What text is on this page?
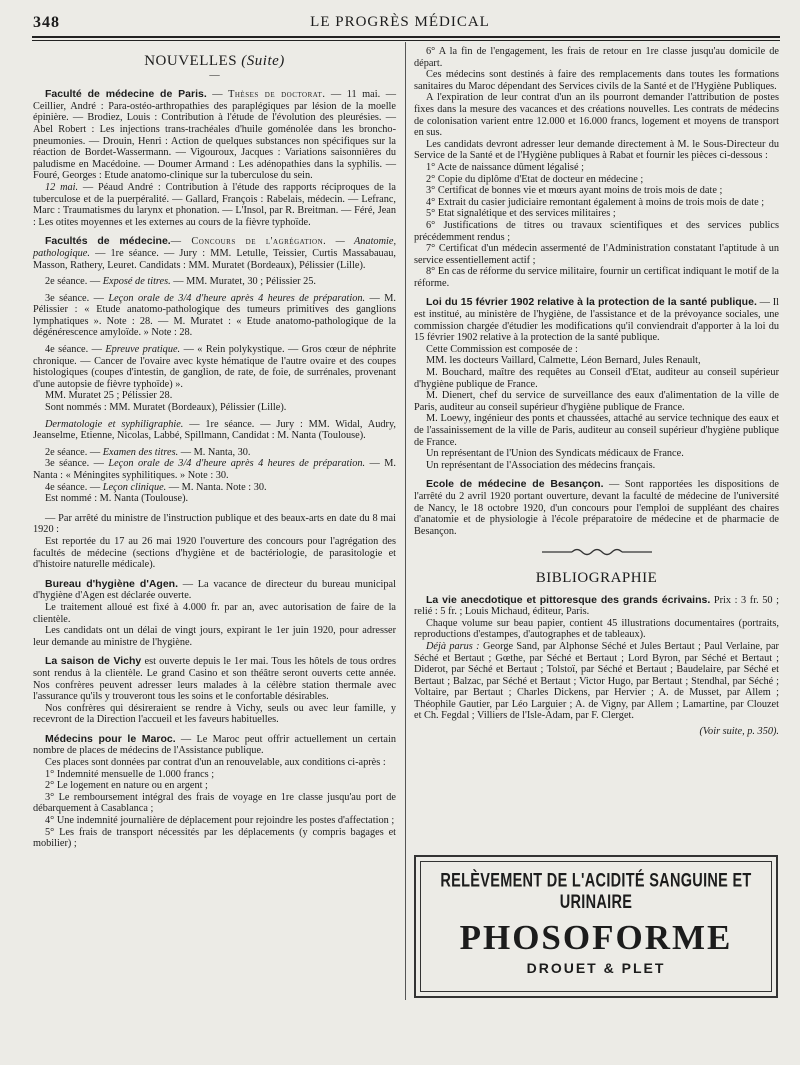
348	LE PROGRÈS MÉDICAL

NOUVELLES (Suite)

—

Faculté de médecine de Paris. — Thèses de doctorat. — 11 mai. — Ceillier, André : Para-ostéo-arthropathies des paraplégiques par lésion de la moelle épinière. — Brodiez, Louis : Contribution à l'étude de l'évolution des pleurésies. — Abel Robert : Les injections trans-trachéales d'huile goménolée dans les broncho-pneumonies. — Drouin, Henri : Action de quelques substances non spécifiques sur la réaction de Bordet-Wassermann. — Vigouroux, Jacques : Variations saisonnières du paludisme en Macédoine. — Doumer Armand : Les adénopathies dans la syphilis. — Fouré, Georges : Etude anatomo-clinique sur la tuberculose du sein.

12 mai. — Péaud André : Contribution à l'étude des rapports réciproques de la tuberculose et de la puerpéralité. — Gallard, François : Rabelais, médecin. — Lefranc, Marc : Traumatismes du larynx et phonation. — L'Insol, par R. Breitman. — Féré, Jean : Les otites moyennes et les externes au cours de la fièvre typhoïde.

Facultés de médecine.— Concours de l'agrégation. — Anatomie, pathologique. — 1re séance. — Jury : MM. Letulle, Teissier, Curtis Massabauau, Masson, Rathery, Leuret. Candidats : MM. Muratet (Bordeaux), Pélissier (Lille).

2e séance. — Exposé de titres. — MM. Muratet, 30 ; Pélissier 25.

3e séance. — Leçon orale de 3/4 d'heure après 4 heures de préparation. — M. Pélissier : « Etude anatomo-pathologique des tumeurs primitives des ganglions lymphatiques ». Note : 28. — M. Muratet : « Etude anatomo-pathologique de la dégénérescence amyloïde. » Note : 28.

4e séance. — Epreuve pratique. — « Rein polykystique. — Gros cœur de néphrite chronique. — Cancer de l'ovaire avec kyste hématique de l'autre ovaire et des coupes histologiques (coupes d'intestin, de ganglion, de rate, de foie, de surrénales, provenant d'une autopsie de fièvre typhoïde) ».

MM. Muratet 25 ; Pélissier 28.

Sont nommés : MM. Muratet (Bordeaux), Pélissier (Lille).

Dermatologie et syphiligraphie. — 1re séance. — Jury : MM. Widal, Audry, Jeanselme, Etienne, Nicolas, Labbé, Spillmann, Candidat : M. Nanta (Toulouse).

2e séance. — Examen des titres. — M. Nanta, 30.

3e séance. — Leçon orale de 3/4 d'heure après 4 heures de préparation. — M. Nanta : « Méningites syphilitiques. » Note : 30.

4e séance. — Leçon clinique. — M. Nanta. Note : 30.

Est nommé : M. Nanta (Toulouse).

— Par arrêté du ministre de l'instruction publique et des beaux-arts en date du 8 mai 1920 :

Est reportée du 17 au 26 mai 1920 l'ouverture des concours pour l'agrégation des facultés de médecine (sections d'hygiène et de bactériologie, de parasitologie et d'histoire naturelle médicale).

Bureau d'hygiène d'Agen. — La vacance de directeur du bureau municipal d'hygiène d'Agen est déclarée ouverte.

Le traitement alloué est fixé à 4.000 fr. par an, avec autorisation de faire de la clientèle.

Les candidats ont un délai de vingt jours, expirant le 1er juin 1920, pour adresser leur demande au ministre de l'hygiène.

La saison de Vichy est ouverte depuis le 1er mai. Tous les hôtels de tous ordres sont rendus à la clientèle. Le grand Casino et son théâtre seront ouverts cette année. Nos confrères peuvent adresser leurs malades à la célèbre station thermale avec l'assurance qu'ils y trouveront tous les soins et le confortable désirables.

Nos confrères qui désireraient se rendre à Vichy, seuls ou avec leur famille, y recevront de la Direction l'accueil et les faveurs habituelles.

Médecins pour le Maroc. — Le Maroc peut offrir actuellement un certain nombre de places de médecins de l'Assistance publique.

Ces places sont données par contrat d'un an renouvelable, aux conditions ci-après :

1° Indemnité mensuelle de 1.000 francs ;

2° Le logement en nature ou en argent ;

3° Le remboursement intégral des frais de voyage en 1re classe jusqu'au port de débarquement à Casablanca ;

4° Une indemnité journalière de déplacement pour rejoindre les postes d'affectation ;

5° Les frais de transport nécessités par les déplacements (y compris bagages et mobilier) ;

6° A la fin de l'engagement, les frais de retour en 1re classe jusqu'au domicile de départ.

Ces médecins sont destinés à faire des remplacements dans toutes les formations sanitaires du Maroc dépendant des Services civils de la Santé et de l'Hygiène Publiques.

A l'expiration de leur contrat d'un an ils pourront demander l'attribution de postes fixes dans la mesure des vacances et des créations nouvelles. Les contrats de médecins de colonisation varient entre 12.000 et 16.000 francs, logement et moyens de transport en sus.

Les candidats devront adresser leur demande directement à M. le Sous-Directeur du Service de la Santé et de l'Hygiène publiques à Rabat et fournir les pièces ci-dessous :

1° Acte de naissance dûment légalisé ;

2° Copie du diplôme d'Etat de docteur en médecine ;

3° Certificat de bonnes vie et mœurs ayant moins de trois mois de date ;

4° Extrait du casier judiciaire remontant également à moins de trois mois de date ;

5° Etat signalétique et des services militaires ;

6° Justifications de titres ou travaux scientifiques et des services publics précédemment rendus ;

7° Certificat d'un médecin assermenté de l'Administration constatant l'aptitude à un service essentiellement actif ;

8° En cas de réforme du service militaire, fournir un certificat indiquant le motif de la réforme.

Loi du 15 février 1902 relative à la protection de la santé publique. — Il est institué, au ministère de l'hygiène, de l'assistance et de la prévoyance sociales, une commission chargée d'étudier les modifications qu'il conviendrait d'apporter à la loi du 15 février 1902 relative à la protection de la santé publique.

Cette Commission est composée de :

MM. les docteurs Vaillard, Calmette, Léon Bernard, Jules Renault,

M. Bouchard, maître des requêtes au Conseil d'Etat, auditeur au conseil supérieur d'hygiène publique de France.

M. Dienert, chef du service de surveillance des eaux d'alimentation de la ville de Paris, auditeur au conseil supérieur d'hygiène publique de France.

M. Loewy, ingénieur des ponts et chaussées, attaché au service technique des eaux et de l'assainissement de la ville de Paris, auditeur au conseil supérieur d'hygiène publique de France.

Un représentant de l'Union des Syndicats médicaux de France.

Un représentant de l'Association des médecins français.

Ecole de médecine de Besançon. — Sont rapportées les dispositions de l'arrêté du 2 avril 1920 portant ouverture, devant la faculté de médecine de l'université de Nancy, le 18 octobre 1920, d'un concours pour l'emploi de suppléant des chaires d'anatomie et de physiologie à l'école préparatoire de médecine et de pharmacie de Besançon.

BIBLIOGRAPHIE

La vie anecdotique et pittoresque des grands écrivains. Prix : 3 fr. 50 ; relié : 5 fr. ; Louis Michaud, éditeur, Paris.

Chaque volume sur beau papier, contient 45 illustrations documentaires (portraits, reproductions d'estampes, d'autographes et de tableaux).

Déjà parus : George Sand, par Alphonse Séché et Jules Bertaut ; Paul Verlaine, par Séché et Bertaut ; Gœthe, par Séché et Bertaut ; Lord Byron, par Séché et Bertaut ; Diderot, par Séché et Bertaut ; Tolstoï, par Séché et Bertaut ; Baudelaire, par Séché et Bertaut ; Balzac, par Séché et Bertaut ; Victor Hugo, par Bertaut ; Stendhal, par Séché ; Voltaire, par Bertaut ; Charles Dickens, par Hervier ; A. de Musset, par Allem ; Théophile Gautier, par Léo Larguier ; A. de Vigny, par Allem ; Lamartine, par Clouzet et Ch. Fegdal ; Villiers de l'Isle-Adam, par F. Clerget.

(Voir suite, p. 350).

RELÈVEMENT DE L'ACIDITÉ SANGUINE ET URINAIRE
PHOSOFORME
DROUET & PLET
